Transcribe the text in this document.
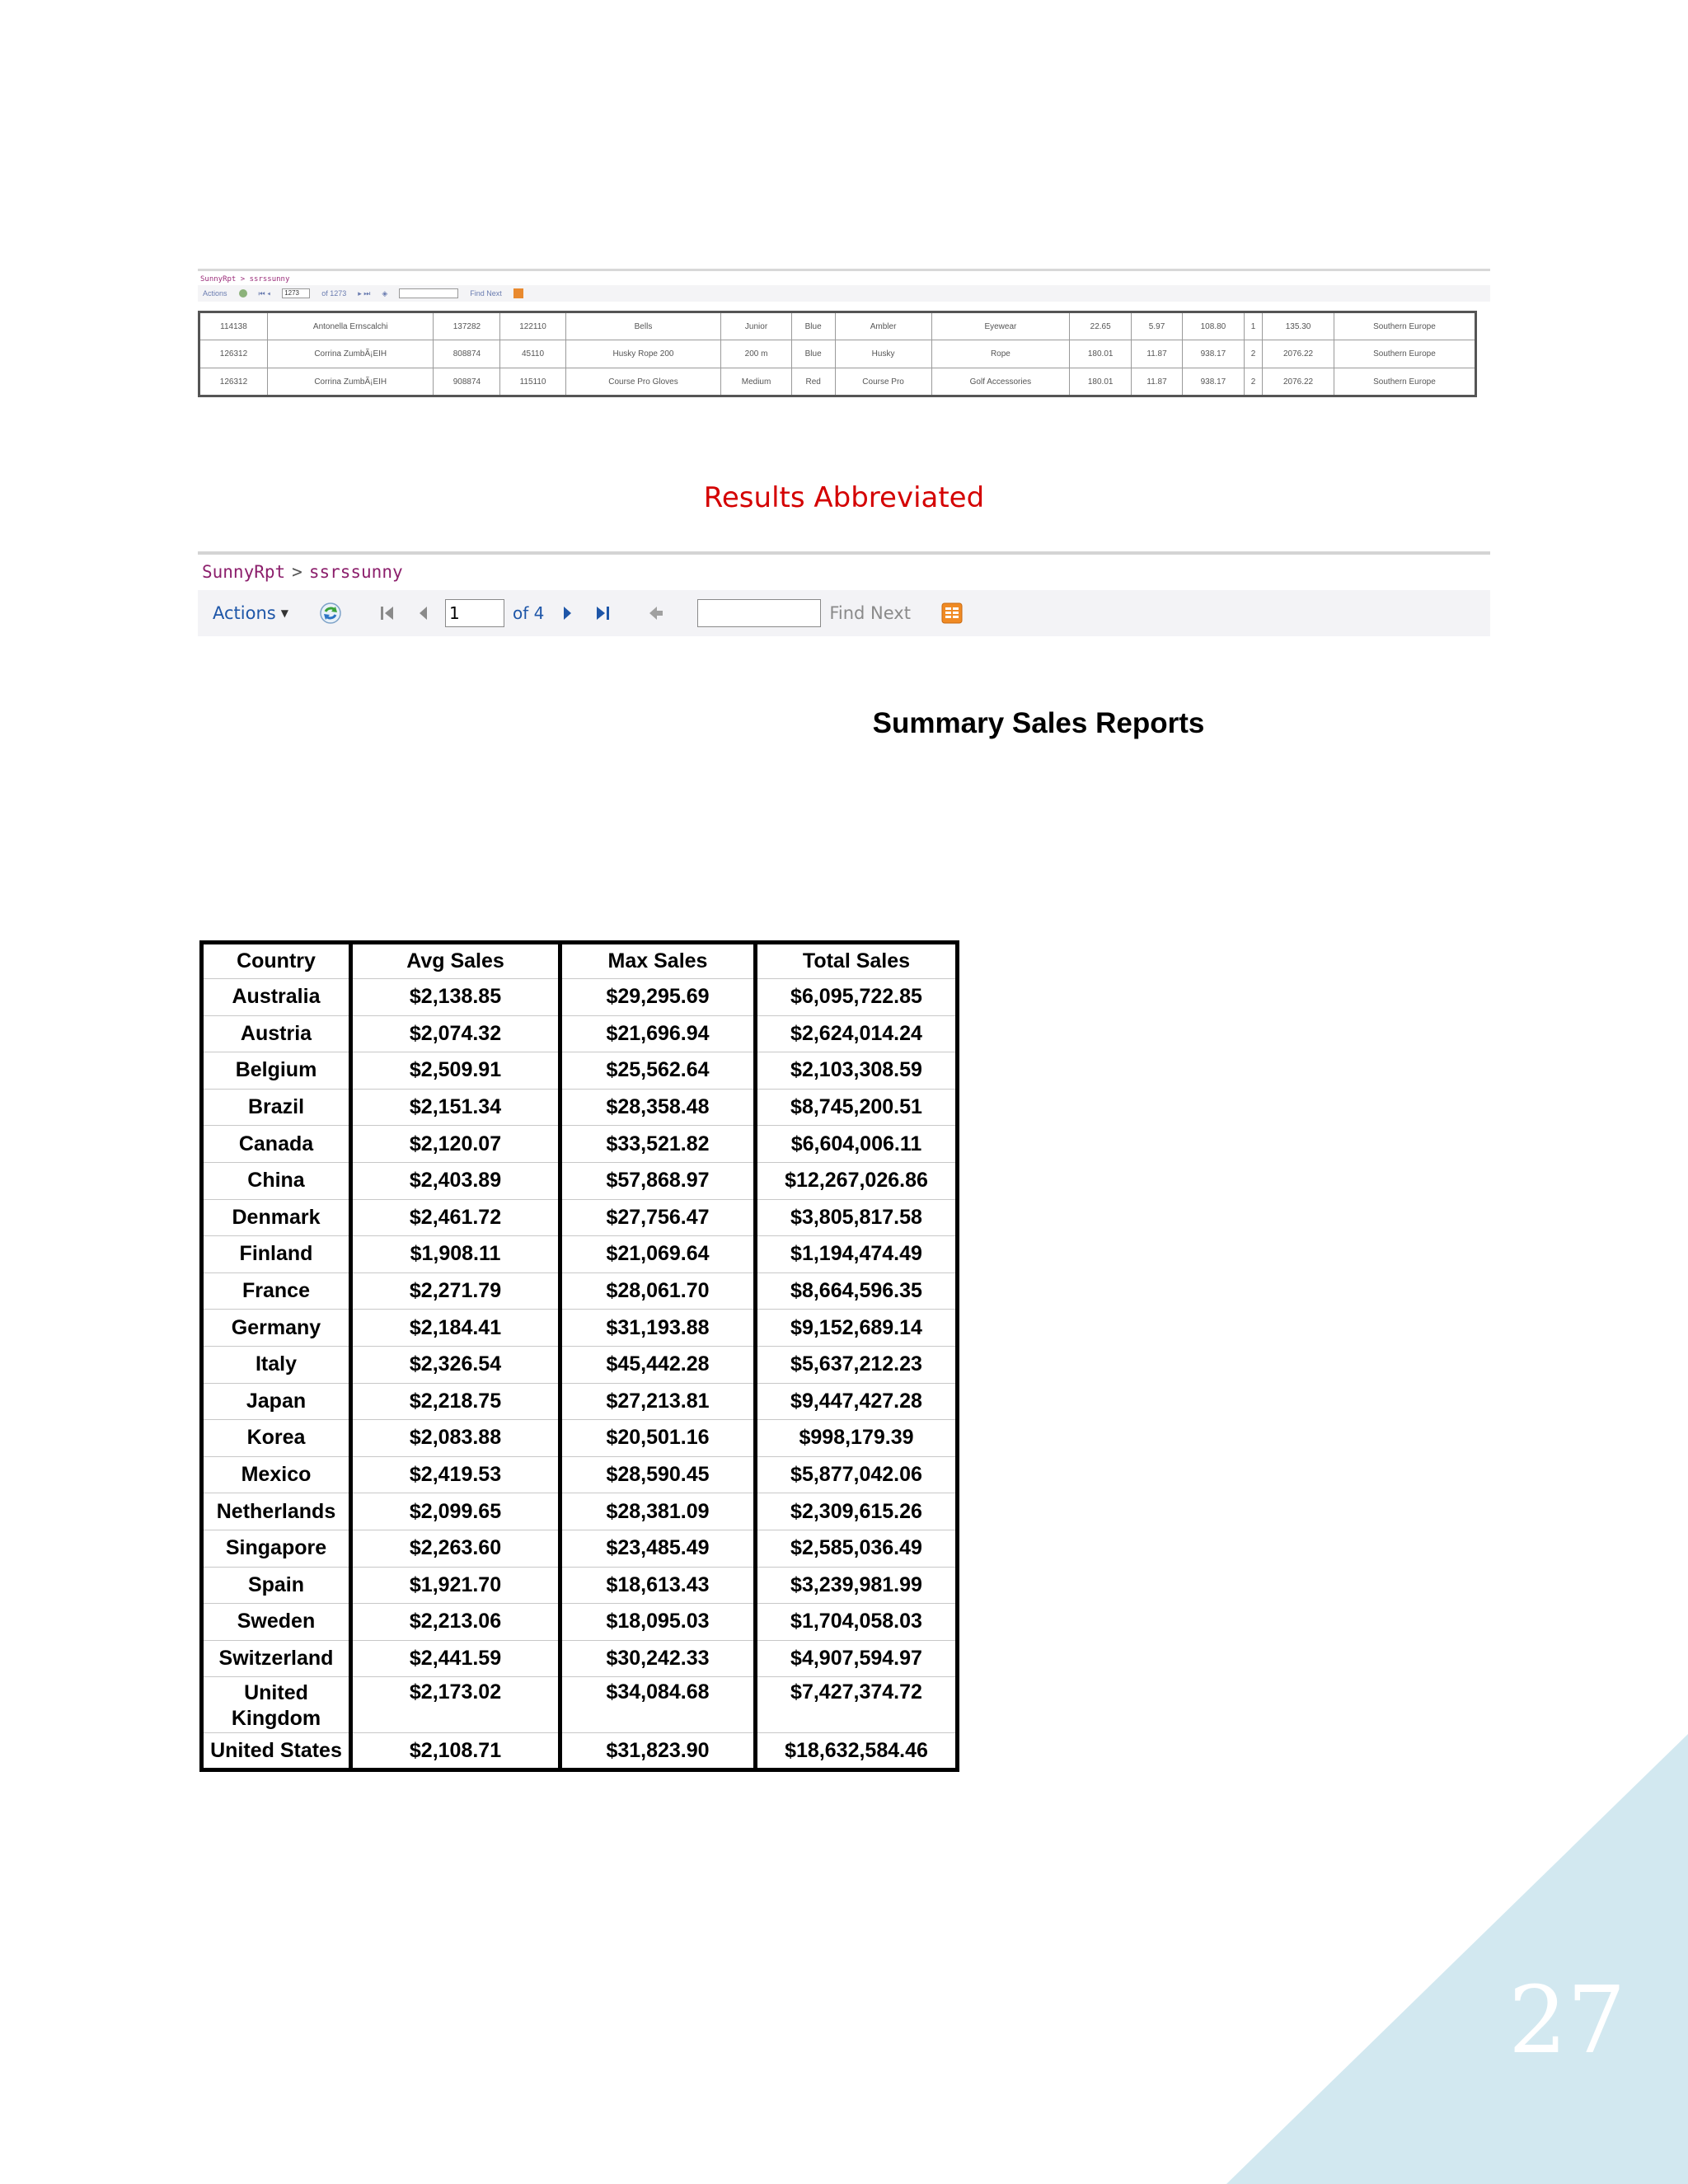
27
SunnyRpt > ssrssunny
Actions	⏮ ◂	1273	of 1273 ▸ ⏭ ◈	Find Next
114138	Antonella Ernscalchi	137282	122110	Bells	Junior	Blue	Ambler	Eyewear	22.65	5.97	108.80	1	135.30	Southern Europe
126312	Corrina ZumbÃ¡EIH	808874	45110	Husky Rope 200	200 m	Blue	Husky	Rope	180.01	11.87	938.17	2	2076.22	Southern Europe
126312	Corrina ZumbÃ¡EIH	908874	115110	Course Pro Gloves	Medium	Red	Course Pro	Golf Accessories	180.01	11.87	938.17	2	2076.22	Southern Europe
Results Abbreviated
SunnyRpt > ssrssunny
Actions ▼
1	of 4	Find Next
Summary Sales Reports
Country	Avg Sales	Max Sales	Total Sales
Australia	$2,138.85	$29,295.69	$6,095,722.85
Austria	$2,074.32	$21,696.94	$2,624,014.24
Belgium	$2,509.91	$25,562.64	$2,103,308.59
Brazil	$2,151.34	$28,358.48	$8,745,200.51
Canada	$2,120.07	$33,521.82	$6,604,006.11
China	$2,403.89	$57,868.97	$12,267,026.86
Denmark	$2,461.72	$27,756.47	$3,805,817.58
Finland	$1,908.11	$21,069.64	$1,194,474.49
France	$2,271.79	$28,061.70	$8,664,596.35
Germany	$2,184.41	$31,193.88	$9,152,689.14
Italy	$2,326.54	$45,442.28	$5,637,212.23
Japan	$2,218.75	$27,213.81	$9,447,427.28
Korea	$2,083.88	$20,501.16	$998,179.39
Mexico	$2,419.53	$28,590.45	$5,877,042.06
Netherlands	$2,099.65	$28,381.09	$2,309,615.26
Singapore	$2,263.60	$23,485.49	$2,585,036.49
Spain	$1,921.70	$18,613.43	$3,239,981.99
Sweden	$2,213.06	$18,095.03	$1,704,058.03
Switzerland	$2,441.59	$30,242.33	$4,907,594.97
United Kingdom	$2,173.02	$34,084.68	$7,427,374.72
United States	$2,108.71	$31,823.90	$18,632,584.46
